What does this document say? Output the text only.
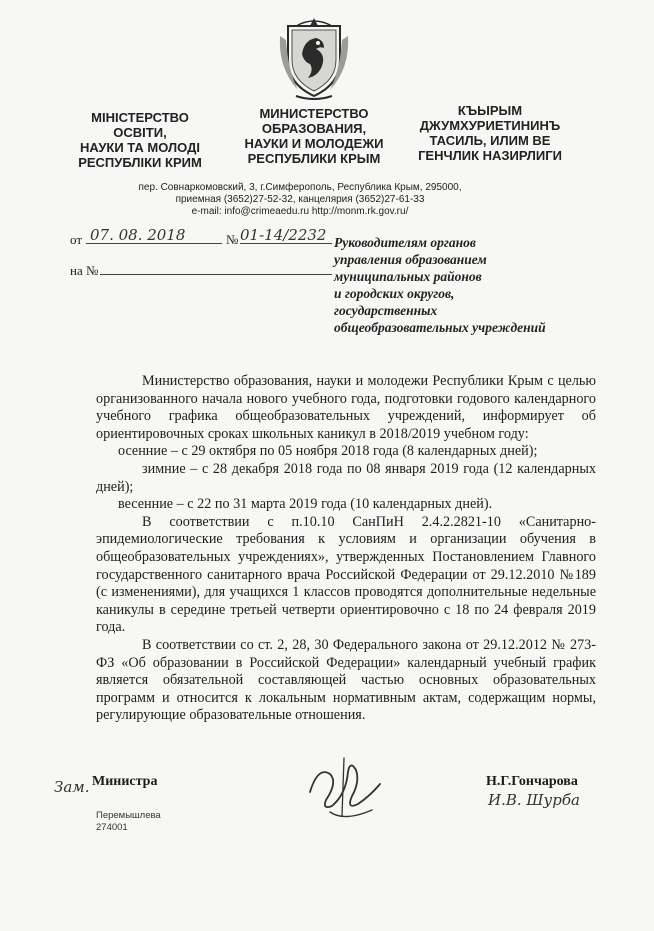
МІНІСТЕРСТВО
ОСВІТИ,
НАУКИ ТА МОЛОДІ
РЕСПУБЛІКИ КРИМ
МИНИСТЕРСТВО
ОБРАЗОВАНИЯ,
НАУКИ И МОЛОДЕЖИ
РЕСПУБЛИКИ КРЫМ
КЪЫРЫМ
ДЖУМХУРИЕТИНИНЪ
ТАСИЛЬ, ИЛИМ ВЕ
ГЕНЧЛИК НАЗИРЛИГИ
пер. Совнаркомовский, 3, г.Симферополь, Республика Крым, 295000,
приемная (3652)27-52-32, канцелярия (3652)27-61-33
e-mail: info@crimeaedu.ru http://monm.rk.gov.ru/
от 07. 08. 2018	№ 01-14/2232
на №
Руководителям органов
управления образованием
муниципальных районов
и городских округов,
государственных
общеобразовательных учреждений

Министерство образования, науки и молодежи Республики Крым с целью организованного начала нового учебного года, подготовки годового календарного учебного графика общеобразовательных учреждений, информирует об ориентировочных сроках школьных каникул в 2018/2019 учебном году:

осенние – с 29 октября по 05 ноября 2018 года (8 календарных дней);

зимние – с 28 декабря 2018 года по 08 января 2019 года (12 календарных дней);

весенние – с 22 по 31 марта 2019 года (10 календарных дней).

В соответствии с п.10.10 СанПиН 2.4.2.2821-10 «Санитарно-эпидемиологические требования к условиям и организации обучения в общеобразовательных учреждениях», утвержденных Постановлением Главного государственного санитарного врача Российской Федерации от 29.12.2010 №189 (с изменениями), для учащихся 1 классов проводятся дополнительные недельные каникулы в середине третьей четверти ориентировочно с 18 по 24 февраля 2019 года.

В соответствии со ст. 2, 28, 30 Федерального закона от 29.12.2012 № 273-ФЗ «Об образовании в Российской Федерации» календарный учебный график является обязательной составляющей частью основных образовательных программ и относится к локальным нормативным актам, содержащим нормы, регулирующие образовательные отношения.

Зам. Министра	Н.Г.Гончарова
И.В. Шурба
Перемышлева
274001
